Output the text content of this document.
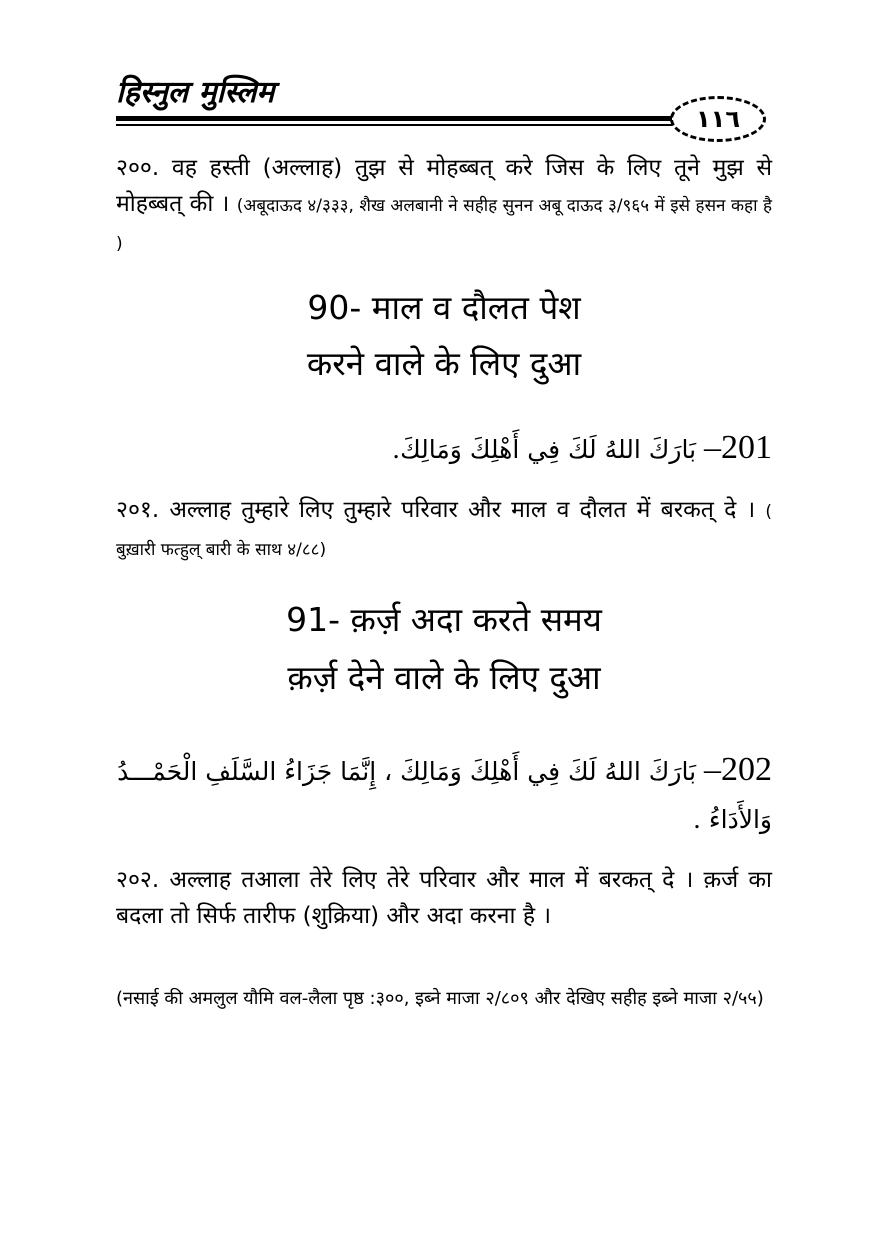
हिस्नुल मुस्लिम
١١٦

२००. वह हस्ती (अल्लाह) तुझ से मोहब्बत् करे जिस के लिए तूने मुझ से मोहब्बत् की । (अबूदाऊद ४/३३३, शैख अलबानी ने सहीह सुनन अबू दाऊद ३/९६५ में इसे हसन कहा है )

90- माल व दौलत पेश
करने वाले के लिए दुआ

201– بَارَكَ اللهُ لَكَ فِي أَهْلِكَ وَمَالِكَ.

२०१. अल्लाह तुम्हारे लिए तुम्हारे परिवार और माल व दौलत में बरकत् दे । ( बुख़ारी फत्हुल् बारी के साथ ४/८८)

91- क़र्ज़ अदा करते समय
क़र्ज़ देने वाले के लिए दुआ

202– بَارَكَ اللهُ لَكَ فِي أَهْلِكَ وَمَالِكَ ، إِنَّمَا جَزَاءُ السَّلَفِ الْحَمْـــدُ وَالأَدَاءُ .

२०२. अल्लाह तआला तेरे लिए तेरे परिवार और माल में बरकत् दे । क़र्ज का बदला तो सिर्फ तारीफ (शुक्रिया) और अदा करना है ।

(नसाई की अमलुल यौमि वल-लैला पृष्ठ :३००, इब्ने माजा २/८०९ और देखिए सहीह इब्ने माजा २/५५)
